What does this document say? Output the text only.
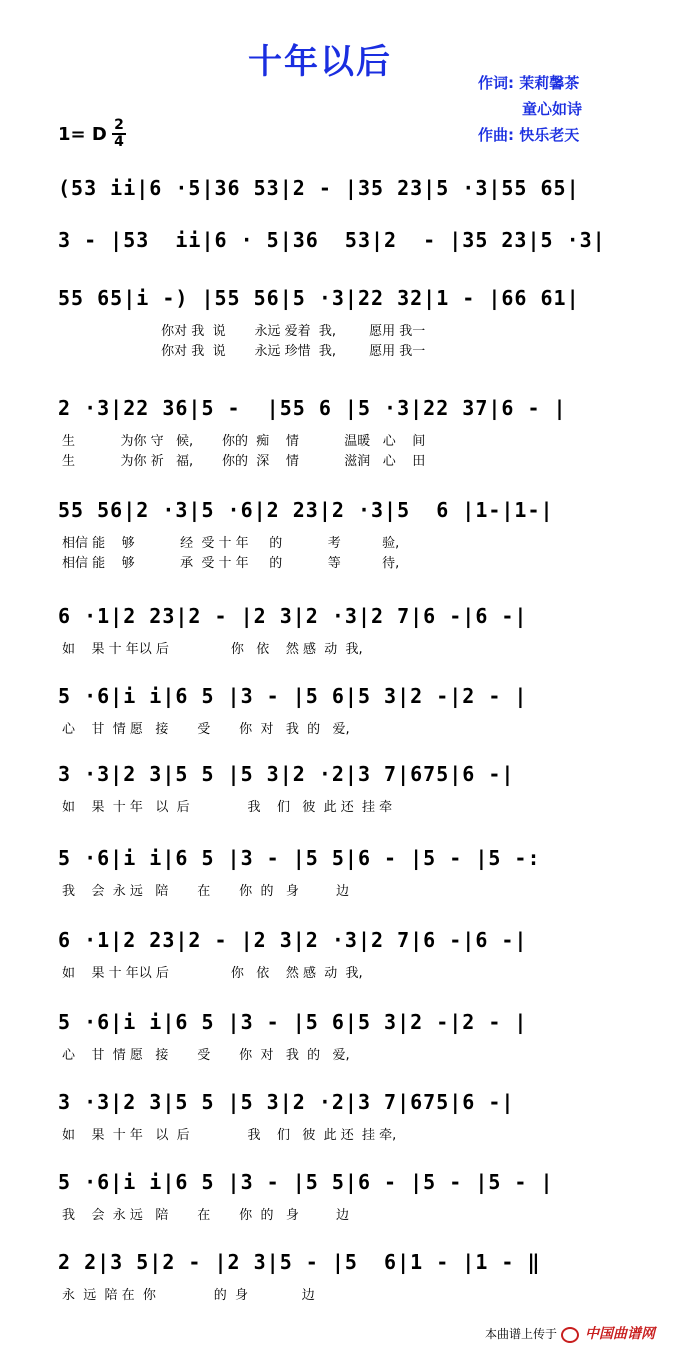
十年以后
作词: 茉莉馨茶
童心如诗
作曲: 快乐老天
1= D 2
4
(53 ii|6 ·5|36 53|2 - |35 23|5 ·3|55 65|
3 - |53  ii|6 · 5|36  53|2  - |35 23|5 ·3|
55 65|i -) |55 56|5 ·3|22 32|1 - |66 61|
你对 我  说       永远 爱着  我,        愿用 我一
你对 我  说       永远 珍惜  我,        愿用 我一
2 ·3|22 36|5 -  |55 6 |5 ·3|22 37|6 - |
生           为你 守   候,       你的  痴    情           温暖   心    间
生           为你 祈   福,       你的  深    情           滋润   心    田
55 56|2 ·3|5 ·6|2 23|2 ·3|5  6 |1-|1-|
相信 能    够           经  受 十 年     的           考          验,
相信 能    够           承  受 十 年     的           等          待,
6 ·1|2 23|2 - |2 3|2 ·3|2 7|6 -|6 -|
如    果 十 年以 后               你   依    然 感  动  我,
5 ·6|i i|6 5 |3 - |5 6|5 3|2 -|2 - |
心    甘  情 愿   接       受       你  对   我  的   爱,
3 ·3|2 3|5 5 |5 3|2 ·2|3 7|675|6 -|
如    果  十 年   以  后              我    们   彼  此 还  挂 牵
5 ·6|i i|6 5 |3 - |5 5|6 - |5 - |5 -:
我    会  永 远   陪       在       你  的   身         边
6 ·1|2 23|2 - |2 3|2 ·3|2 7|6 -|6 -|
如    果 十 年以 后               你   依    然 感  动  我,
5 ·6|i i|6 5 |3 - |5 6|5 3|2 -|2 - |
心    甘  情 愿   接       受       你  对   我  的   爱,
3 ·3|2 3|5 5 |5 3|2 ·2|3 7|675|6 -|
如    果  十 年   以  后              我    们   彼  此 还  挂 牵,
5 ·6|i i|6 5 |3 - |5 5|6 - |5 - |5 - |
我    会  永 远   陪       在       你  的   身         边
2 2|3 5|2 - |2 3|5 - |5  6|1 - |1 - ‖
永  远  陪 在  你              的  身             边
本曲谱上传于 中国曲谱网
